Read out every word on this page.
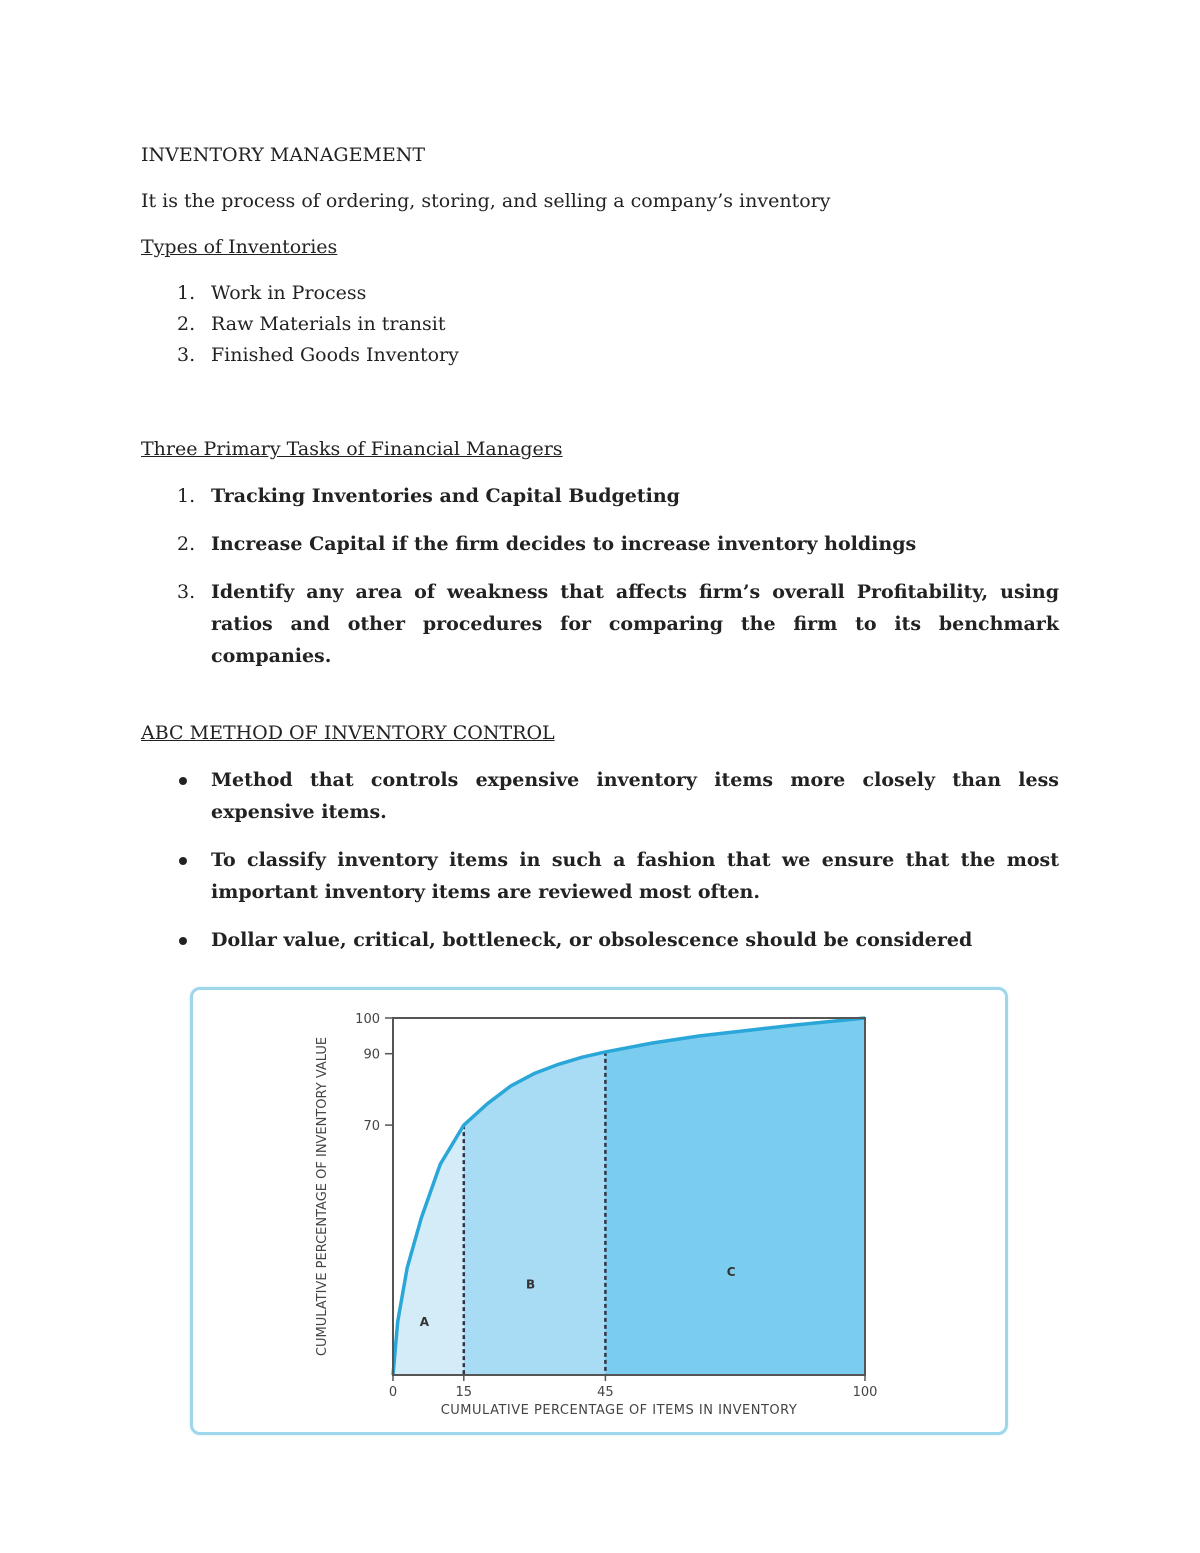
INVENTORY MANAGEMENT

It is the process of ordering, storing, and selling a company’s inventory

Types of Inventories

1. Work in Process
2. Raw Materials in transit
3. Finished Goods Inventory

Three Primary Tasks of Financial Managers

1. Tracking Inventories and Capital Budgeting
2. Increase Capital if the firm decides to increase inventory holdings
3. Identify any area of weakness that affects firm’s overall Profitability, using ratios and other procedures for comparing the firm to its benchmark companies.

ABC METHOD OF INVENTORY CONTROL

Method that controls expensive inventory items more closely than less expensive items.
To classify inventory items in such a fashion that we ensure that the most important inventory items are reviewed most often.
Dollar value, critical, bottleneck, or obsolescence should be considered
0	15	45	100
70
90
100
A
B
C
CUMULATIVE PERCENTAGE OF ITEMS IN INVENTORY
CUMULATIVE PERCENTAGE OF INVENTORY VALUE
